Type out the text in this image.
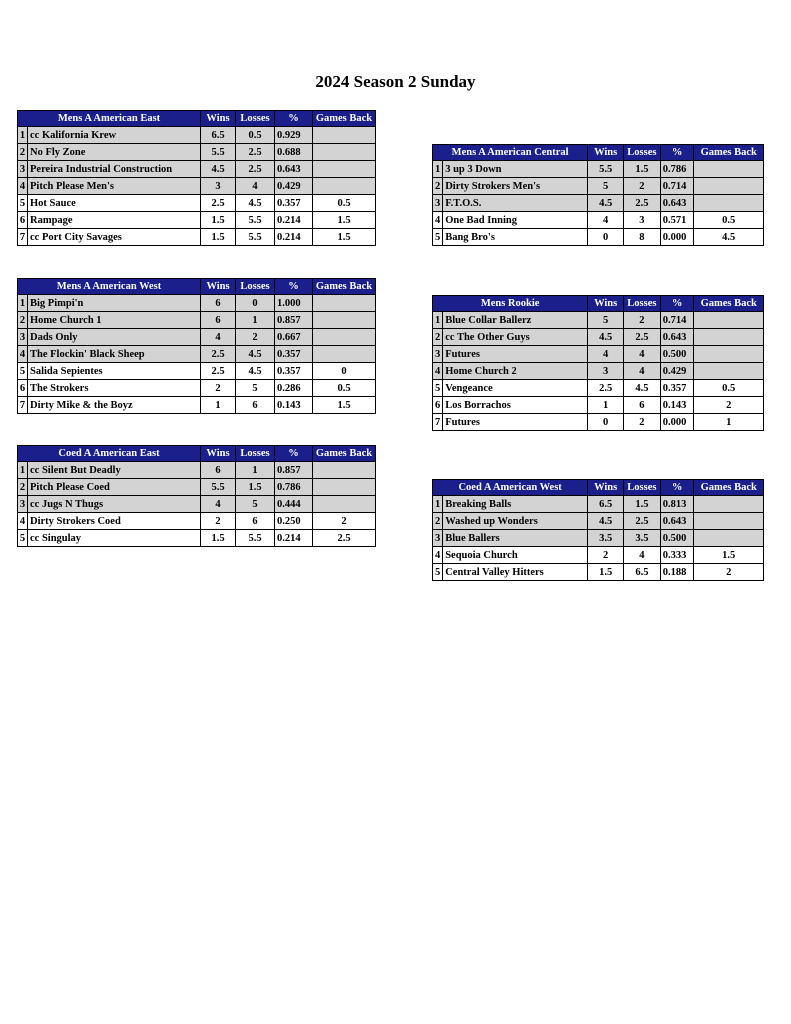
2024 Season 2 Sunday
Mens A American East		Wins	Losses	%	Games Back
1	cc Kalifornia Krew	6.5	0.5	0.929	
2	No Fly Zone	5.5	2.5	0.688	
3	Pereira Industrial Construction	4.5	2.5	0.643	
4	Pitch Please Men's	3	4	0.429	
5	Hot Sauce	2.5	4.5	0.357	0.5
6	Rampage	1.5	5.5	0.214	1.5
7	cc Port City Savages	1.5	5.5	0.214	1.5
Mens A American West		Wins	Losses	%	Games Back
1	Big Pimpi'n	6	0	1.000	
2	Home Church 1	6	1	0.857	
3	Dads Only	4	2	0.667	
4	The Flockin' Black Sheep	2.5	4.5	0.357	
5	Salida Sepientes	2.5	4.5	0.357	0
6	The Strokers	2	5	0.286	0.5
7	Dirty Mike & the Boyz	1	6	0.143	1.5
Coed A American East		Wins	Losses	%	Games Back
1	cc Silent But Deadly	6	1	0.857	
2	Pitch Please Coed	5.5	1.5	0.786	
3	cc Jugs N Thugs	4	5	0.444	
4	Dirty Strokers Coed	2	6	0.250	2
5	cc Singulay	1.5	5.5	0.214	2.5
Mens A American Central		Wins	Losses	%	Games Back
1	3 up 3 Down	5.5	1.5	0.786	
2	Dirty Strokers Men's	5	2	0.714	
3	F.T.O.S.	4.5	2.5	0.643	
4	One Bad Inning	4	3	0.571	0.5
5	Bang Bro's	0	8	0.000	4.5
Mens Rookie		Wins	Losses	%	Games Back
1	Blue Collar Ballerz	5	2	0.714	
2	cc The Other Guys	4.5	2.5	0.643	
3	Futures	4	4	0.500	
4	Home Church 2	3	4	0.429	
5	Vengeance	2.5	4.5	0.357	0.5
6	Los Borrachos	1	6	0.143	2
7	Futures	0	2	0.000	1
Coed A American West		Wins	Losses	%	Games Back
1	Breaking Balls	6.5	1.5	0.813	
2	Washed up Wonders	4.5	2.5	0.643	
3	Blue Ballers	3.5	3.5	0.500	
4	Sequoia Church	2	4	0.333	1.5
5	Central Valley Hitters	1.5	6.5	0.188	2
